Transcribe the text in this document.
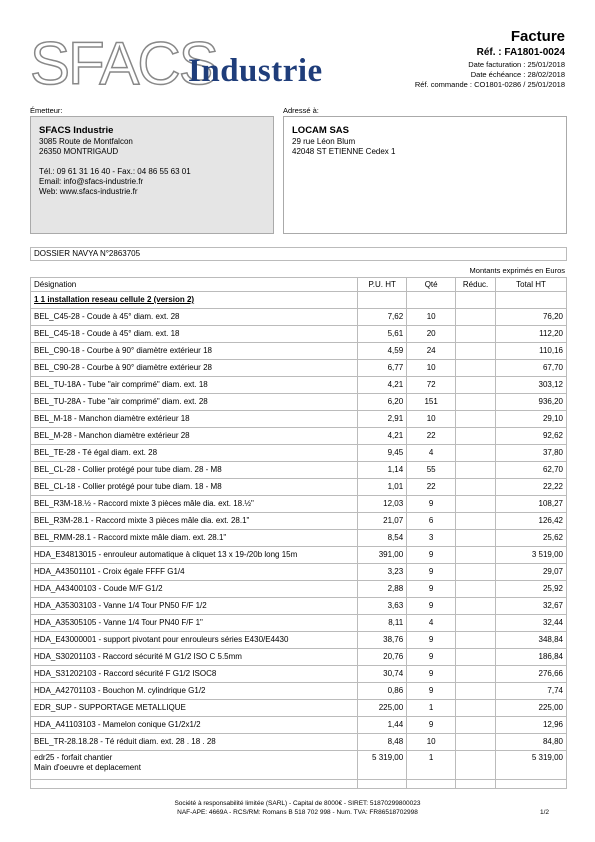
SFACS
Industrie
Facture
Réf. : FA1801-0024
Date facturation : 25/01/2018
Date échéance : 28/02/2018
Réf. commande : CO1801-0286 / 25/01/2018
Émetteur:	Adressé à:
SFACS Industrie
3085 Route de Montfalcon
26350 MONTRIGAUD
Tél.: 09 61 31 16 40 - Fax.: 04 86 55 63 01
Email: info@sfacs-industrie.fr
Web: www.sfacs-industrie.fr
LOCAM SAS
29 rue Léon Blum
42048 ST ETIENNE Cedex 1
DOSSIER NAVYA N°2863705
Montants exprimés en Euros
Désignation	P.U. HT	Qté	Réduc.	Total HT
1 1 installation reseau cellule 2 (version 2)				
BEL_C45-28 - Coude à 45° diam. ext. 28	7,62	10		76,20
BEL_C45-18 - Coude à 45° diam. ext. 18	5,61	20		112,20
BEL_C90-18 - Courbe à 90° diamètre extérieur 18	4,59	24		110,16
BEL_C90-28 - Courbe à 90° diamètre extérieur 28	6,77	10		67,70
BEL_TU-18A - Tube "air comprimé" diam. ext. 18	4,21	72		303,12
BEL_TU-28A - Tube "air comprimé" diam. ext. 28	6,20	151		936,20
BEL_M-18 - Manchon diamètre extérieur 18	2,91	10		29,10
BEL_M-28 - Manchon diamètre extérieur 28	4,21	22		92,62
BEL_TE-28 - Té égal diam. ext. 28	9,45	4		37,80
BEL_CL-28 - Collier protégé pour tube diam. 28 - M8	1,14	55		62,70
BEL_CL-18 - Collier protégé pour tube diam. 18 - M8	1,01	22		22,22
BEL_R3M-18.½ - Raccord mixte 3 pièces mâle dia. ext. 18.½"	12,03	9		108,27
BEL_R3M-28.1 - Raccord mixte 3 pièces mâle dia. ext. 28.1"	21,07	6		126,42
BEL_RMM-28.1 - Raccord mixte mâle diam. ext. 28.1"	8,54	3		25,62
HDA_E34813015 - enrouleur automatique à cliquet 13 x 19-/20b long 15m	391,00	9		3 519,00
HDA_A43501101 - Croix égale FFFF G1/4	3,23	9		29,07
HDA_A43400103 - Coude M/F G1/2	2,88	9		25,92
HDA_A35303103 - Vanne 1/4 Tour PN50 F/F 1/2	3,63	9		32,67
HDA_A35305105 - Vanne 1/4 Tour PN40 F/F 1"	8,11	4		32,44
HDA_E43000001 - support pivotant pour enrouleurs séries E430/E4430	38,76	9		348,84
HDA_S30201103 - Raccord sécurité M G1/2 ISO C 5.5mm	20,76	9		186,84
HDA_S31202103 - Raccord sécurité F G1/2 ISOC8	30,74	9		276,66
HDA_A42701103 - Bouchon M. cylindrique G1/2	0,86	9		7,74
EDR_SUP - SUPPORTAGE METALLIQUE	225,00	1		225,00
HDA_A41103103 - Mamelon conique G1/2x1/2	1,44	9		12,96
BEL_TR-28.18.28 - Té réduit diam. ext. 28 . 18 . 28	8,48	10		84,80

edr25 - forfait chantier
Main d'oeuvre et deplacement	5 319,00	1		5 319,00

Société à responsabilité limitée (SARL) - Capital de 8000€ - SIRET: 51870299800023
NAF-APE: 4669A - RCS/RM: Romans B 518 702 998 - Num. TVA: FR86518702998	1/2
